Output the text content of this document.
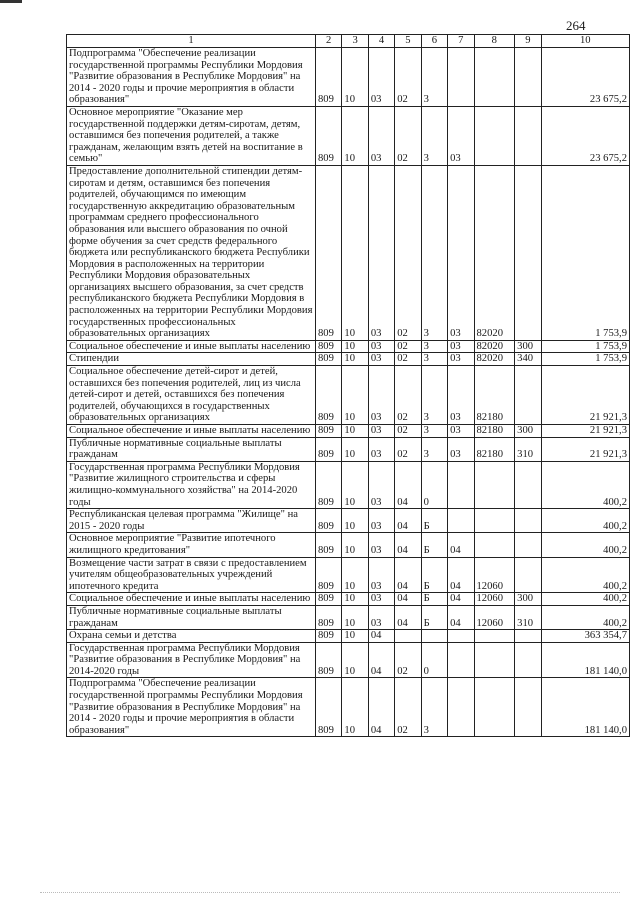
264
1	2	3	4	5	6	7	8	9	10
Подпрограмма "Обеспечение реализации государственной программы Республики Мордовия "Развитие образования в Республике Мордовия" на 2014 - 2020 годы и прочие мероприятия в области образования"	809	10	03	02	3				23 675,2
Основное мероприятие "Оказание мер государственной поддержки детям-сиротам, детям, оставшимся без попечения родителей, а также гражданам, желающим взять детей на воспитание в семью"	809	10	03	02	3	03			23 675,2
Предоставление дополнительной стипендии детям-сиротам и детям, оставшимся без попечения родителей, обучающимся по имеющим государственную аккредитацию образовательным программам среднего профессионального образования или высшего образования по очной форме обучения за счет средств федерального бюджета или республиканского бюджета Республики Мордовия в расположенных на территории Республики Мордовия образовательных организациях высшего образования, за счет средств республиканского бюджета Республики Мордовия в расположенных на территории Республики Мордовия государственных профессиональных образовательных организациях	809	10	03	02	3	03	82020		1 753,9
Социальное обеспечение и иные выплаты населению	809	10	03	02	3	03	82020	300	1 753,9
Стипендии	809	10	03	02	3	03	82020	340	1 753,9
Социальное обеспечение детей-сирот и детей, оставшихся без попечения родителей, лиц из числа детей-сирот и детей, оставшихся без попечения родителей, обучающихся в государственных образовательных организациях	809	10	03	02	3	03	82180		21 921,3
Социальное обеспечение и иные выплаты населению	809	10	03	02	3	03	82180	300	21 921,3
Публичные нормативные социальные выплаты гражданам	809	10	03	02	3	03	82180	310	21 921,3
Государственная программа Республики Мордовия "Развитие жилищного строительства и сферы жилищно-коммунального хозяйства" на 2014-2020 годы	809	10	03	04	0				400,2
Республиканская целевая программа "Жилище" на 2015 - 2020 годы	809	10	03	04	Б				400,2
Основное мероприятие "Развитие ипотечного жилищного кредитования"	809	10	03	04	Б	04			400,2
Возмещение части затрат в связи с предоставлением учителям общеобразовательных учреждений ипотечного кредита	809	10	03	04	Б	04	12060		400,2
Социальное обеспечение и иные выплаты населению	809	10	03	04	Б	04	12060	300	400,2
Публичные нормативные социальные выплаты гражданам	809	10	03	04	Б	04	12060	310	400,2
Охрана семьи и детства	809	10	04						363 354,7
Государственная программа Республики Мордовия "Развитие образования в Республике Мордовия" на 2014-2020 годы	809	10	04	02	0				181 140,0
Подпрограмма "Обеспечение реализации государственной программы Республики Мордовия "Развитие образования в Республике Мордовия" на 2014 - 2020 годы и прочие мероприятия в области образования"	809	10	04	02	3				181 140,0
